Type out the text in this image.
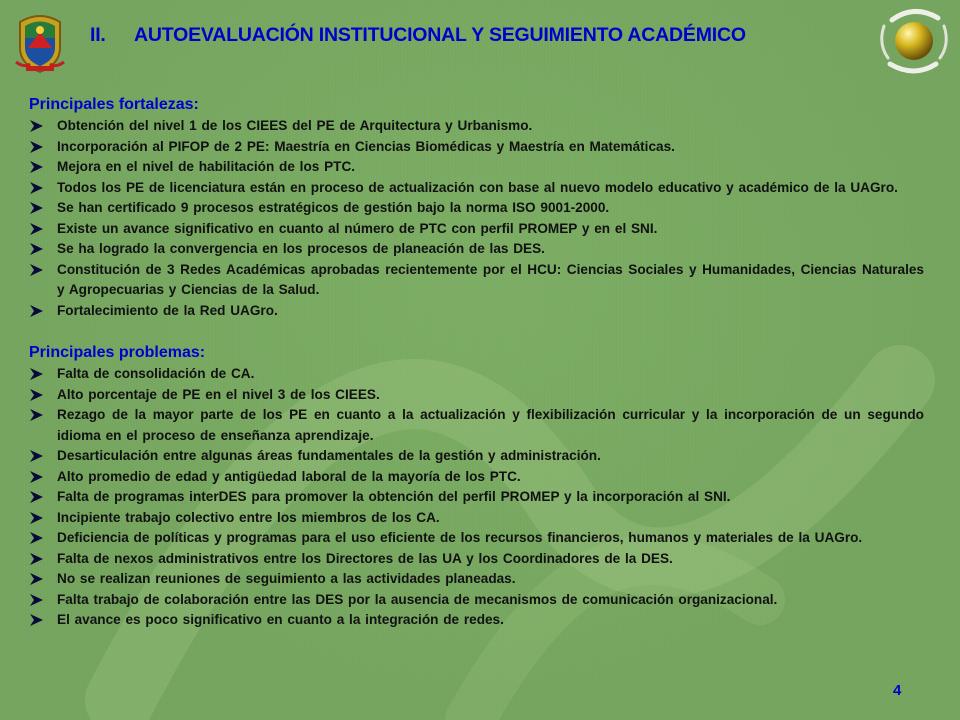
II. AUTOEVALUACIÓN INSTITUCIONAL Y SEGUIMIENTO ACADÉMICO
Principales fortalezas:
Obtención del nivel 1 de los CIEES del PE de Arquitectura y Urbanismo.
Incorporación al PIFOP de 2 PE: Maestría en Ciencias Biomédicas y Maestría en Matemáticas.
Mejora en el nivel de habilitación de los PTC.
Todos los PE de licenciatura están en proceso de actualización con base al nuevo modelo educativo y académico de la UAGro.
Se han certificado 9 procesos estratégicos de gestión bajo la norma ISO 9001-2000.
Existe un avance significativo en cuanto al número de PTC con perfil PROMEP y en el SNI.
Se ha logrado la convergencia en los procesos de planeación de las DES.
Constitución de 3 Redes Académicas aprobadas recientemente por el HCU: Ciencias Sociales y Humanidades, Ciencias Naturales y Agropecuarias y Ciencias de la Salud.
Fortalecimiento de la Red UAGro.
Principales problemas:
Falta de consolidación de CA.
Alto porcentaje de PE en el nivel 3 de los CIEES.
Rezago de la mayor parte de los PE en cuanto a la actualización y flexibilización curricular y la incorporación de un segundo idioma en el proceso de enseñanza aprendizaje.
Desarticulación entre algunas áreas fundamentales de la gestión y administración.
Alto promedio de edad y antigüedad laboral de la mayoría de los PTC.
Falta de programas interDES para promover la obtención del perfil PROMEP y la incorporación al SNI.
Incipiente trabajo colectivo entre los miembros de los CA.
Deficiencia de políticas y programas para el uso eficiente de los recursos financieros, humanos y materiales de la UAGro.
Falta de nexos administrativos entre los Directores de las UA y los Coordinadores de la DES.
No se realizan reuniones de seguimiento a las actividades planeadas.
Falta trabajo de colaboración entre las DES por la ausencia de mecanismos de comunicación organizacional.
El avance es poco significativo en cuanto a la integración de redes.
4
